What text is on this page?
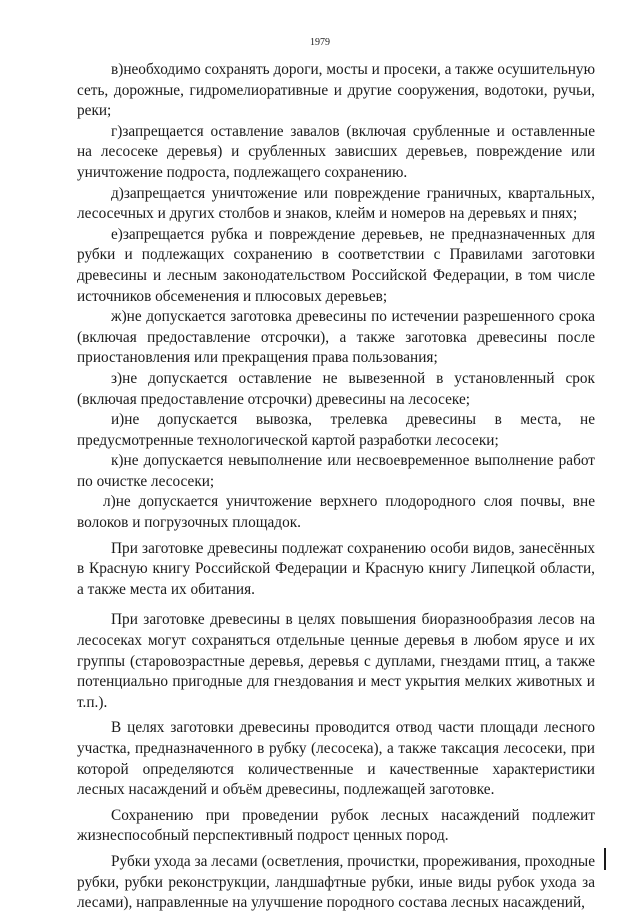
1979

в)необходимо сохранять дороги, мосты и просеки, а также осушительную сеть, дорожные, гидромелиоративные и другие сооружения, водотоки, ручьи, реки;

г)запрещается оставление завалов (включая срубленные и оставленные на лесосеке деревья) и срубленных зависших деревьев, повреждение или уничтожение подроста, подлежащего сохранению.

д)запрещается уничтожение или повреждение граничных, квартальных, лесосечных и других столбов и знаков, клейм и номеров на деревьях и пнях;

е)запрещается рубка и повреждение деревьев, не предназначенных для рубки и подлежащих сохранению в соответствии с Правилами заготовки древесины и лесным законодательством Российской Федерации, в том числе источников обсеменения и плюсовых деревьев;

ж)не допускается заготовка древесины по истечении разрешенного срока (включая предоставление отсрочки), а также заготовка древесины после приостановления или прекращения права пользования;

з)не допускается оставление не вывезенной в установленный срок (включая предоставление отсрочки) древесины на лесосеке;

и)не допускается вывозка, трелевка древесины в места, не предусмотренные технологической картой разработки лесосеки;

к)не допускается невыполнение или несвоевременное выполнение работ по очистке лесосеки;

л)не допускается уничтожение верхнего плодородного слоя почвы, вне волоков и погрузочных площадок.

При заготовке древесины подлежат сохранению особи видов, занесённых в Красную книгу Российской Федерации и Красную книгу Липецкой области, а также места их обитания.

При заготовке древесины в целях повышения биоразнообразия лесов на лесосеках могут сохраняться отдельные ценные деревья в любом ярусе и их группы (старовозрастные деревья, деревья с дуплами, гнездами птиц, а также потенциально пригодные для гнездования и мест укрытия мелких животных и т.п.).

В целях заготовки древесины проводится отвод части площади лесного участка, предназначенного в рубку (лесосека), а также таксация лесосеки, при которой определяются количественные и качественные характеристики лесных насаждений и объём древесины, подлежащей заготовке.

Сохранению при проведении рубок лесных насаждений подлежит жизнеспособный перспективный подрост ценных пород.

Рубки ухода за лесами (осветления, прочистки, прореживания, проходные рубки, рубки реконструкции, ландшафтные рубки, иные виды рубок ухода за лесами), направленные на улучшение породного состава лесных насаждений,
